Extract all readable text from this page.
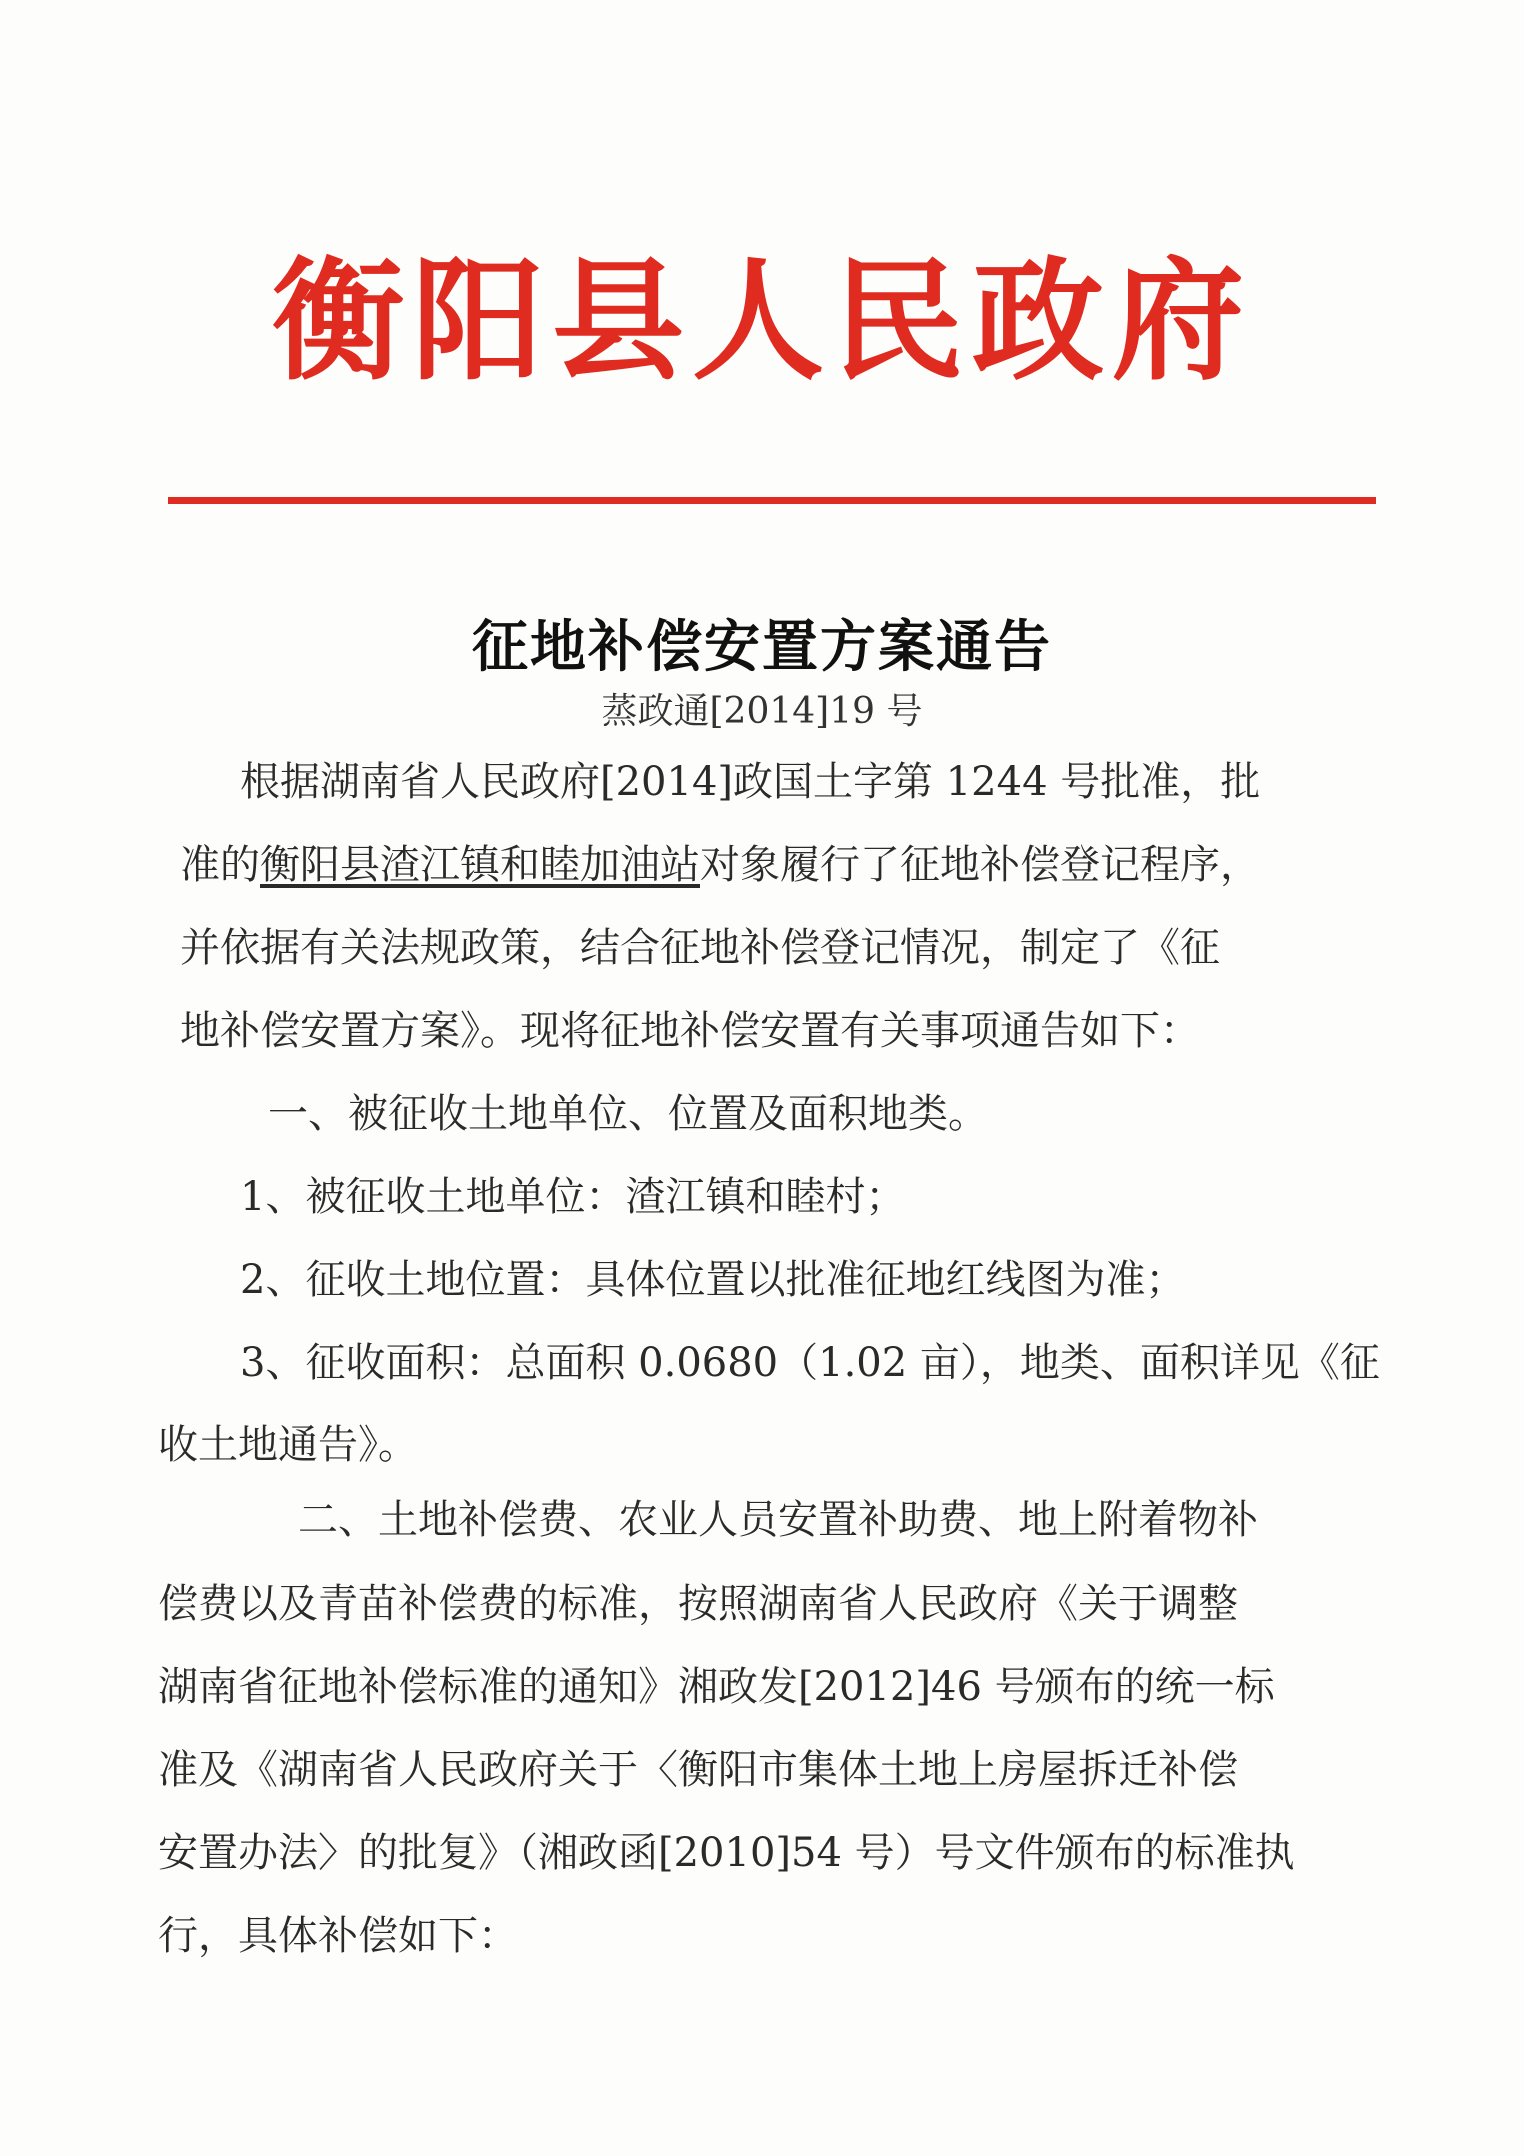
衡阳县人民政府
征地补偿安置方案通告
蒸政通[2014]19 号
根据湖南省人民政府[2014]政国土字第 1244 号批准，批
准的衡阳县渣江镇和睦加油站对象履行了征地补偿登记程序，
并依据有关法规政策，结合征地补偿登记情况，制定了《征
地补偿安置方案》。现将征地补偿安置有关事项通告如下：
一、被征收土地单位、位置及面积地类。
1、被征收土地单位：渣江镇和睦村；
2、征收土地位置：具体位置以批准征地红线图为准；
3、征收面积：总面积 0.0680（1.02 亩），地类、面积详见《征
收土地通告》。
二、土地补偿费、农业人员安置补助费、地上附着物补
偿费以及青苗补偿费的标准，按照湖南省人民政府《关于调整
湖南省征地补偿标准的通知》湘政发[2012]46 号颁布的统一标
准及《湖南省人民政府关于〈衡阳市集体土地上房屋拆迁补偿
安置办法〉的批复》（湘政函[2010]54 号）号文件颁布的标准执
行，具体补偿如下：
